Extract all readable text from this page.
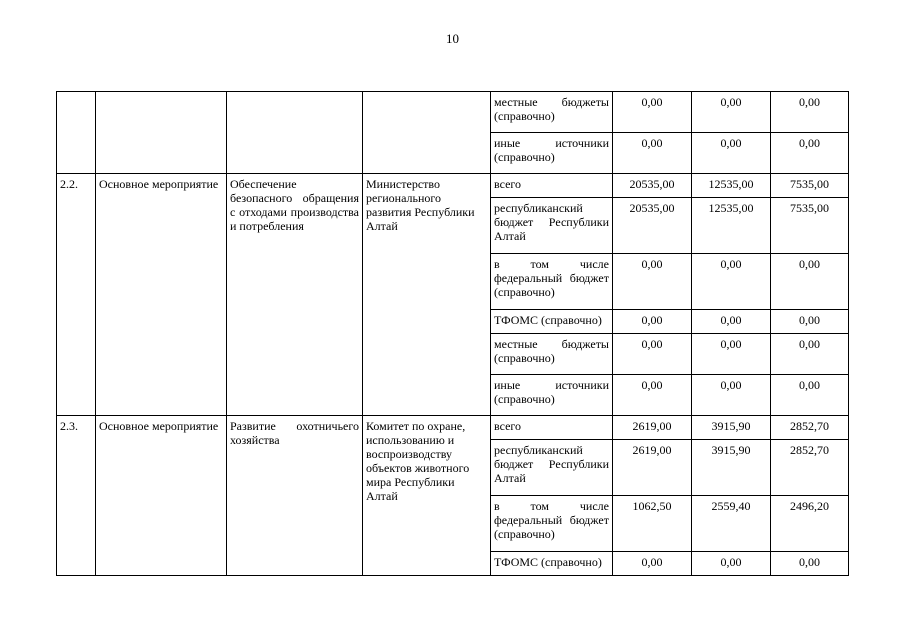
10
				местные бюджеты (справочно)	0,00	0,00	0,00
				иные источники (справочно)	0,00	0,00	0,00
2.2.	Основное мероприятие	Обеспечение безопасного обращения с отходами производства и потребления	Министерство регионального развития Республики Алтай	всего	20535,00	12535,00	7535,00
				республиканский бюджет Республики Алтай	20535,00	12535,00	7535,00
				в том числе федеральный бюджет (справочно)	0,00	0,00	0,00
				ТФОМС (справочно)	0,00	0,00	0,00
				местные бюджеты (справочно)	0,00	0,00	0,00
				иные источники (справочно)	0,00	0,00	0,00
2.3.	Основное мероприятие	Развитие охотничьего хозяйства	Комитет по охране, использованию и воспроизводству объектов животного мира Республики Алтай	всего	2619,00	3915,90	2852,70
				республиканский бюджет Республики Алтай	2619,00	3915,90	2852,70
				в том числе федеральный бюджет (справочно)	1062,50	2559,40	2496,20
				ТФОМС (справочно)	0,00	0,00	0,00
